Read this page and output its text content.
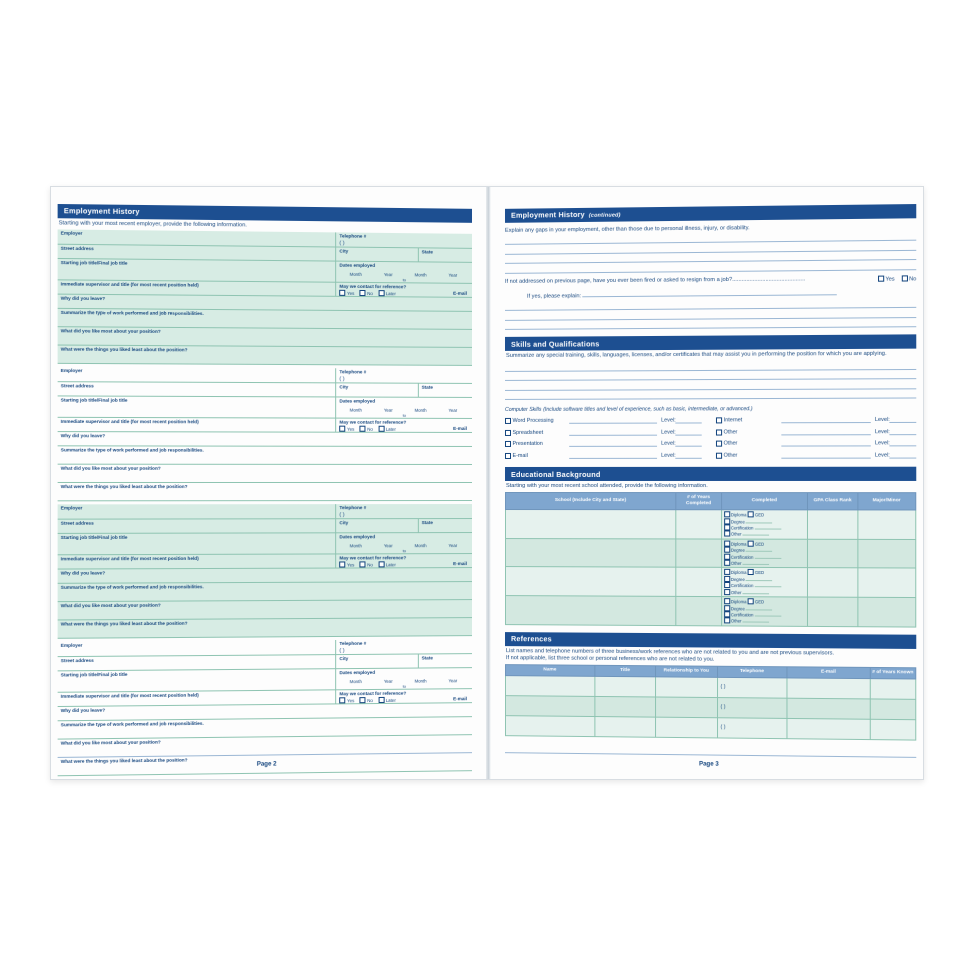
Employment History
Starting with your most recent employer, provide the following information.
Employer
Telephone #
( )
Street address	City	State
Starting job title/Final job title	Dates employed
Month	Year	Month	Year
to
Immediate supervisor and title (for most recent position held)	May we contact for reference?
E-mail
Yes	No	Later
Why did you leave?
Summarize the type of work performed and job responsibilities.
What did you like most about your position?
What were the things you liked least about the position?
Employer	Telephone #
( )
Street address	City	State
Starting job title/Final job title	Dates employed
Month	Year	Month	Year
to
Immediate supervisor and title (for most recent position held)	May we contact for reference?
E-mail
Yes	No	Later
Why did you leave?
Summarize the type of work performed and job responsibilities.
What did you like most about your position?
What were the things you liked least about the position?
Employer	Telephone #
( )
Street address	City	State
Starting job title/Final job title	Dates employed
Month	Year	Month	Year
to
Immediate supervisor and title (for most recent position held)	May we contact for reference?
E-mail
Yes	No	Later
Why did you leave?
Summarize the type of work performed and job responsibilities.
What did you like most about your position?
What were the things you liked least about the position?
Employer	Telephone #
( )
Street address	City	State
Starting job title/Final job title	Dates employed
Month	Year	Month	Year
to
Immediate supervisor and title (for most recent position held)	May we contact for reference?
E-mail
Yes	No	Later
Why did you leave?
Summarize the type of work performed and job responsibilities.
What did you like most about your position?
What were the things you liked least about the position?
Page 2
Employment History (continued)
Explain any gaps in your employment, other than those due to personal illness, injury, or disability.
Yes	No
If not addressed on previous page, have you ever been fired or asked to resign from a job?..............................................
If yes, please explain:
Skills and Qualifications
Summarize any special training, skills, languages, licenses, and/or certificates that may assist you in performing the position for which you are applying.
Computer Skills (Include software titles and level of experience, such as basic, intermediate, or advanced.)
Word Processing	Level:
Spreadsheet	Level:
Presentation	Level:
E-mail	Level:
Internet	Level:
Other	Level:
Other	Level:
Other	Level:
Educational Background
Starting with your most recent school attended, provide the following information.
School (Include City and State)	# of Years Completed	Completed	GPA Class Rank	Major/Minor

		Diploma GED
Degree
Certification
Other		

		Diploma GED
Degree
Certification
Other		

		Diploma GED
Degree
Certification
Other		

		Diploma GED
Degree
Certification
Other		

References
List names and telephone numbers of three business/work references who are not related to you and are not previous supervisors.
If not applicable, list three school or personal references who are not related to you.
Name	Title	Relationship to You	Telephone	E-mail	# of Years Known
			( )		
			( )		
			( )		
Page 3
